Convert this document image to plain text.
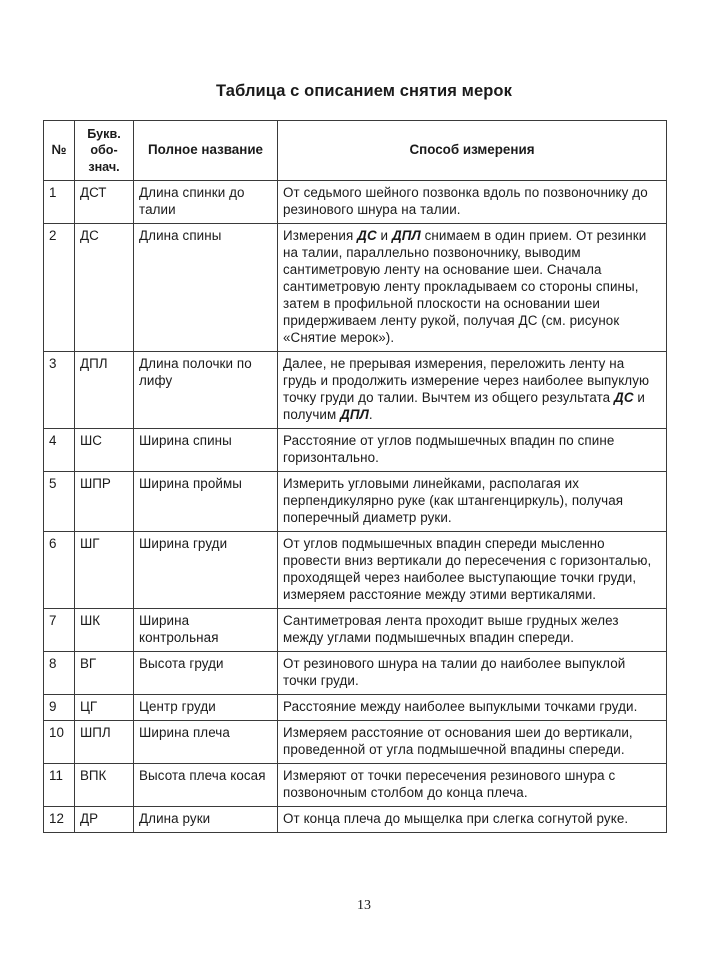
Таблица с описанием снятия мерок
№	Букв. обо-знач.	Полное название	Способ измерения
1	ДСТ	Длина спинки до талии	От седьмого шейного позвонка вдоль по позвоночнику до резинового шнура на талии.
2	ДС	Длина спины	Измерения ДС и ДПЛ снимаем в один прием. От резинки на талии, параллельно позвоночнику, выводим сантиметровую ленту на основание шеи. Сначала сантиметровую ленту прокладываем со стороны спины, затем в профильной плоскости на основании шеи придерживаем ленту рукой, получая ДС (см. рисунок «Снятие мерок»).
3	ДПЛ	Длина полочки по лифу	Далее, не прерывая измерения, переложить ленту на грудь и продолжить измерение через наиболее выпуклую точку груди до талии. Вычтем из общего результата ДС и получим ДПЛ.
4	ШС	Ширина спины	Расстояние от углов подмышечных впадин по спине горизонтально.
5	ШПР	Ширина проймы	Измерить угловыми линейками, располагая их перпендикулярно руке (как штангенциркуль), получая поперечный диаметр руки.
6	ШГ	Ширина груди	От углов подмышечных впадин спереди мысленно провести вниз вертикали до пересечения с горизонталью, проходящей через наиболее выступающие точки груди, измеряем расстояние между этими вертикалями.
7	ШК	Ширина контрольная	Сантиметровая лента проходит выше грудных желез между углами подмышечных впадин спереди.
8	ВГ	Высота груди	От резинового шнура на талии до наиболее выпуклой точки груди.
9	ЦГ	Центр груди	Расстояние между наиболее выпуклыми точками груди.
10	ШПЛ	Ширина плеча	Измеряем расстояние от основания шеи до вертикали, проведенной от угла подмышечной впадины спереди.
11	ВПК	Высота плеча косая	Измеряют от точки пересечения резинового шнура с позвоночным столбом до конца плеча.
12	ДР	Длина руки	От конца плеча до мыщелка при слегка согнутой руке.
13
